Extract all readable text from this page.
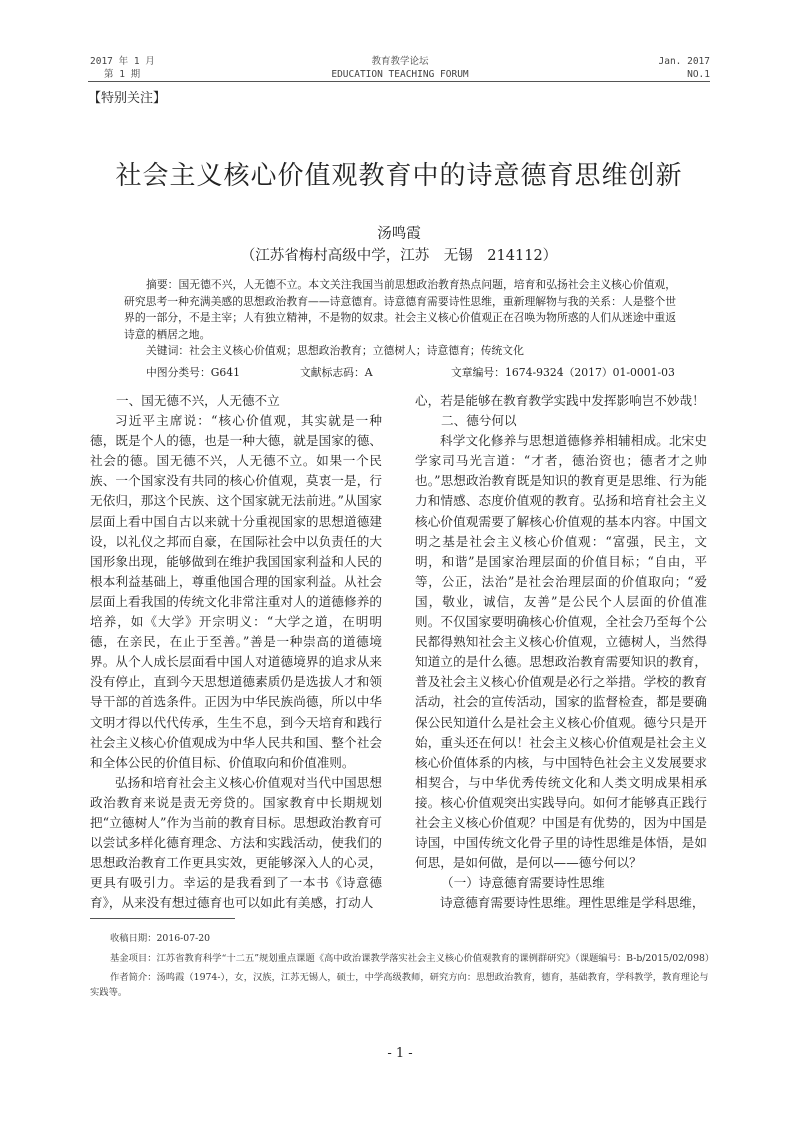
2017 年 1 月
第 1 期
教育教学论坛
EDUCATION TEACHING FORUM
Jan. 2017
NO.1
【特别关注】
社会主义核心价值观教育中的诗意德育思维创新
汤鸣霞
（江苏省梅村高级中学，江苏　无锡　214112）

摘要：国无德不兴，人无德不立。本文关注我国当前思想政治教育热点问题，培育和弘扬社会主义核心价值观，研究思考一种充满美感的思想政治教育——诗意德育。诗意德育需要诗性思维，重新理解物与我的关系：人是整个世界的一部分，不是主宰；人有独立精神，不是物的奴隶。社会主义核心价值观正在召唤为物所惑的人们从迷途中重返诗意的栖居之地。

关键词：社会主义核心价值观；思想政治教育；立德树人；诗意德育；传统文化

中图分类号：G641	文献标志码：A	文章编号：1674-9324（2017）01-0001-03

一、国无德不兴，人无德不立

习近平主席说：“核心价值观，其实就是一种德，既是个人的德，也是一种大德，就是国家的德、社会的德。国无德不兴，人无德不立。如果一个民族、一个国家没有共同的核心价值观，莫衷一是，行无依归，那这个民族、这个国家就无法前进。”从国家层面上看中国自古以来就十分重视国家的思想道德建设，以礼仪之邦而自豪，在国际社会中以负责任的大国形象出现，能够做到在维护我国国家利益和人民的根本利益基础上，尊重他国合理的国家利益。从社会层面上看我国的传统文化非常注重对人的道德修养的培养，如《大学》开宗明义：“大学之道，在明明德，在亲民，在止于至善。”善是一种崇高的道德境界。从个人成长层面看中国人对道德境界的追求从来没有停止，直到今天思想道德素质仍是选拔人才和领导干部的首选条件。正因为中华民族尚德，所以中华文明才得以代代传承，生生不息，到今天培育和践行社会主义核心价值观成为中华人民共和国、整个社会和全体公民的价值目标、价值取向和价值准则。

弘扬和培育社会主义核心价值观对当代中国思想政治教育来说是责无旁贷的。国家教育中长期规划把“立德树人”作为当前的教育目标。思想政治教育可以尝试多样化德育理念、方法和实践活动，使我们的思想政治教育工作更具实效，更能够深入人的心灵，更具有吸引力。幸运的是我看到了一本书《诗意德育》，从来没有想过德育也可以如此有美感，打动人

心，若是能够在教育教学实践中发挥影响岂不妙哉！

二、德兮何以

科学文化修养与思想道德修养相辅相成。北宋史学家司马光言道：“才者，德治资也；德者才之帅也。”思想政治教育既是知识的教育更是思维、行为能力和情感、态度价值观的教育。弘扬和培育社会主义核心价值观需要了解核心价值观的基本内容。中国文明之基是社会主义核心价值观：“富强，民主，文明，和谐”是国家治理层面的价值目标；“自由，平等，公正，法治”是社会治理层面的价值取向；“爱国，敬业，诚信，友善”是公民个人层面的价值准则。不仅国家要明确核心价值观，全社会乃至每个公民都得熟知社会主义核心价值观，立德树人，当然得知道立的是什么德。思想政治教育需要知识的教育，普及社会主义核心价值观是必行之举措。学校的教育活动，社会的宣传活动，国家的监督检查，都是要确保公民知道什么是社会主义核心价值观。德兮只是开始，重头还在何以！社会主义核心价值观是社会主义核心价值体系的内核，与中国特色社会主义发展要求相契合，与中华优秀传统文化和人类文明成果相承接。核心价值观突出实践导向。如何才能够真正践行社会主义核心价值观？中国是有优势的，因为中国是诗国，中国传统文化骨子里的诗性思维是体悟，是如何思，是如何做，是何以——德兮何以？

（一）诗意德育需要诗性思维

诗意德育需要诗性思维。理性思维是学科思维，

收稿日期：2016-07-20

基金项目：江苏省教育科学“十二五”规划重点课题《高中政治课教学落实社会主义核心价值观教育的课例群研究》（课题编号：B-b/2015/02/098）

作者简介：汤鸣霞（1974-），女，汉族，江苏无锡人，硕士，中学高级教师，研究方向：思想政治教育，德育，基础教育，学科教学，教育理论与实践等。

- 1 -
